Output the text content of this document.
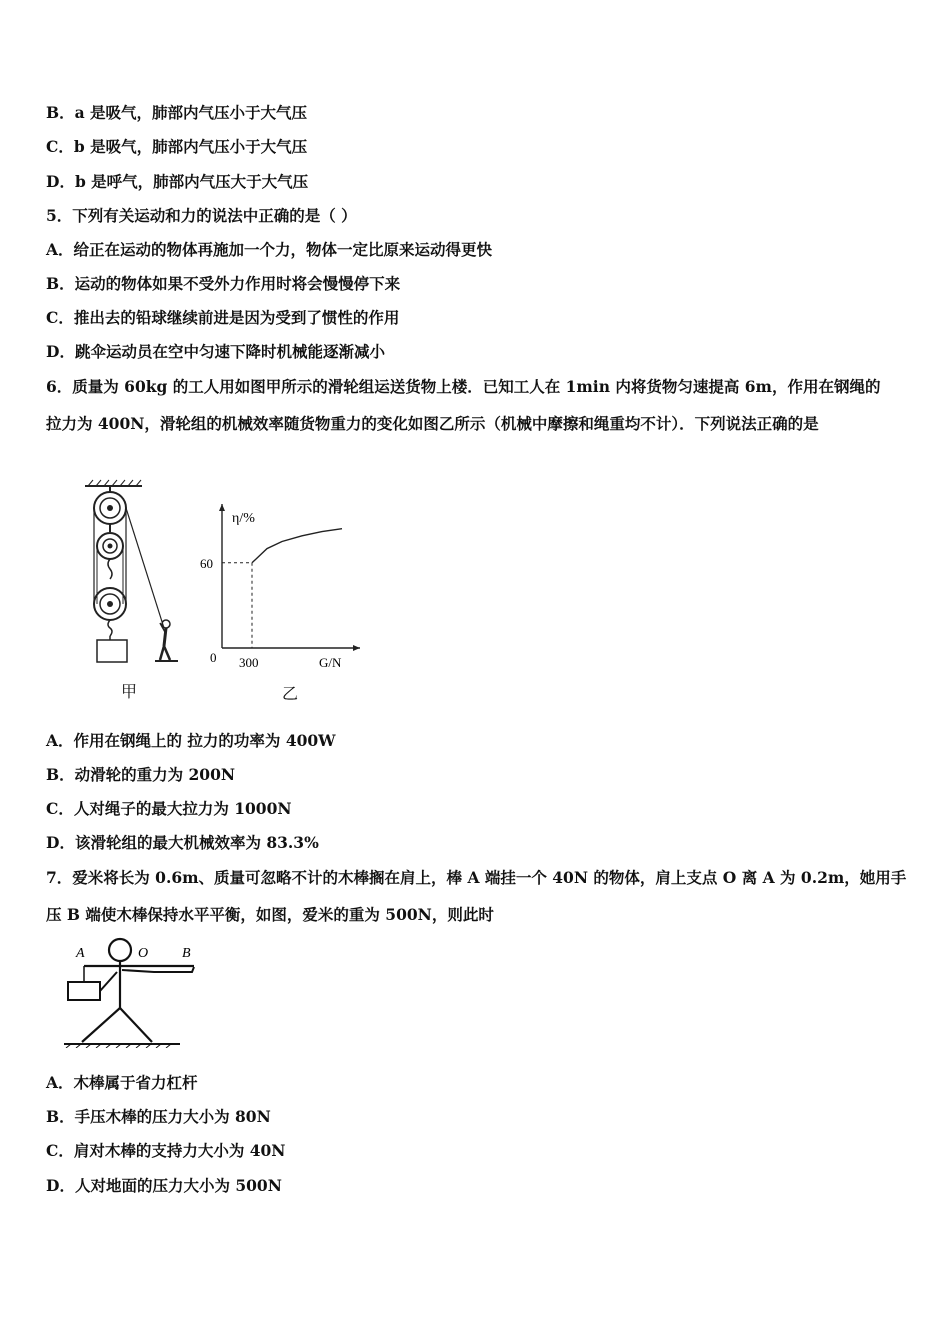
B．a 是吸气，肺部内气压小于大气压
C．b 是吸气，肺部内气压小于大气压
D．b 是呼气，肺部内气压大于大气压
5．下列有关运动和力的说法中正确的是（ ）
A．给正在运动的物体再施加一个力，物体一定比原来运动得更快
B．运动的物体如果不受外力作用时将会慢慢停下来
C．推出去的铅球继续前进是因为受到了惯性的作用
D．跳伞运动员在空中匀速下降时机械能逐渐减小
6．质量为 60kg 的工人用如图甲所示的滑轮组运送货物上楼．已知工人在 1min 内将货物匀速提高 6m，作用在钢绳的
拉力为 400N，滑轮组的机械效率随货物重力的变化如图乙所示（机械中摩擦和绳重均不计）．下列说法正确的是
甲
η/%
G/N
0 300
60
乙
A．作用在钢绳上的 拉力的功率为 400W
B．动滑轮的重力为 200N
C．人对绳子的最大拉力为 1000N
D．该滑轮组的最大机械效率为 83.3%
7．爱米将长为 0.6m、质量可忽略不计的木棒搁在肩上，棒 A 端挂一个 40N 的物体，肩上支点 O 离 A 为 0.2m，她用手
压 B 端使木棒保持水平平衡，如图，爱米的重为 500N，则此时
A	O B
A．木棒属于省力杠杆
B．手压木棒的压力大小为 80N
C．肩对木棒的支持力大小为 40N
D．人对地面的压力大小为 500N
